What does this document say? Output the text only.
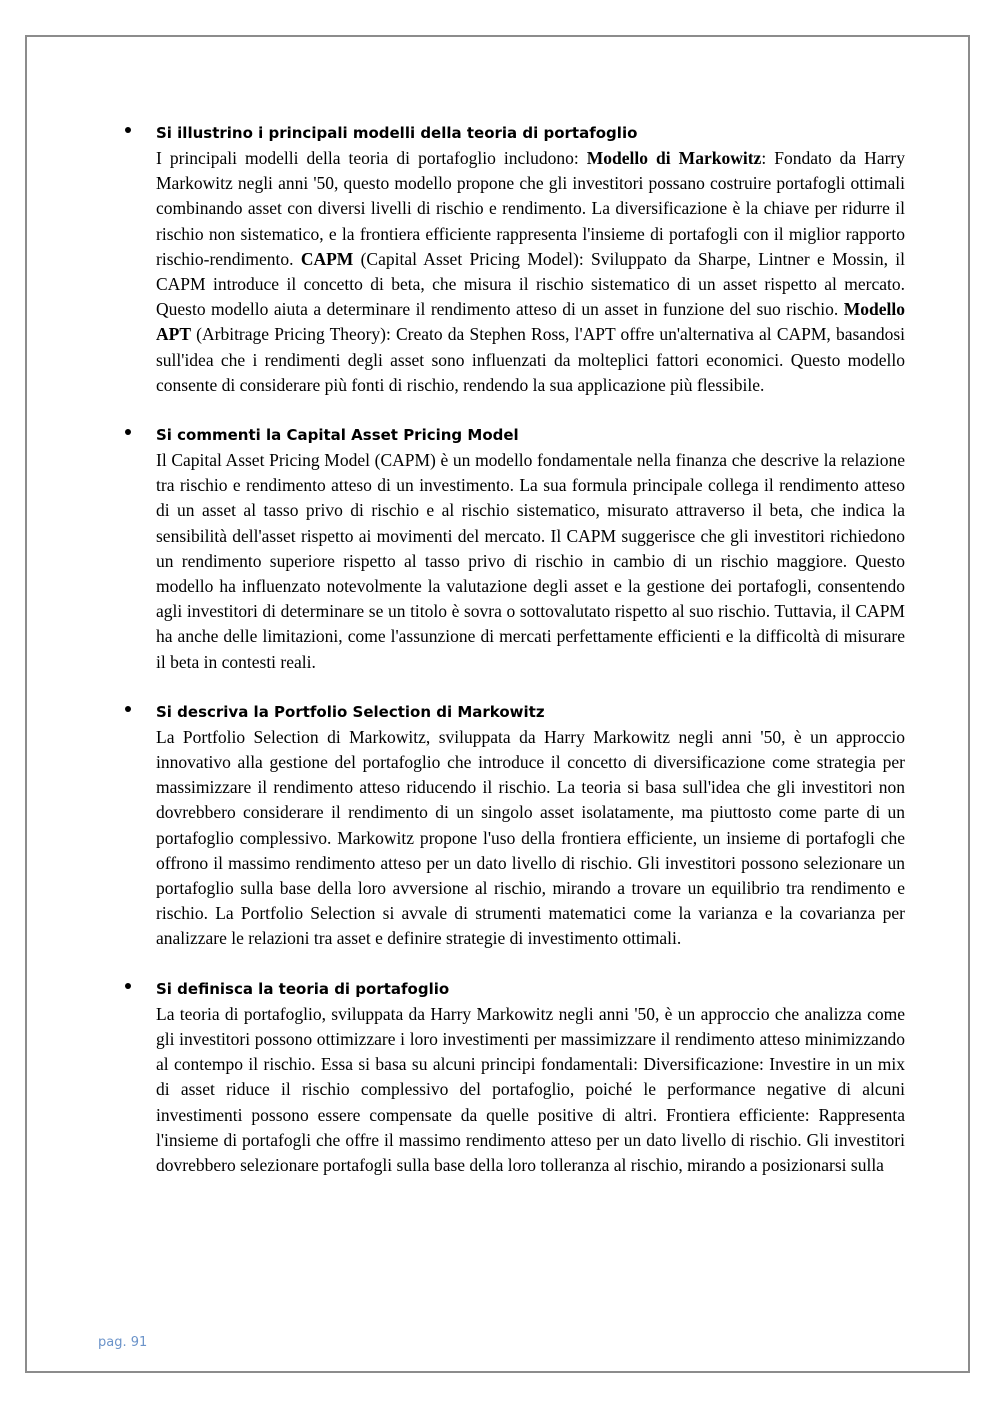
Si illustrino i principali modelli della teoria di portafoglio

I principali modelli della teoria di portafoglio includono: Modello di Markowitz: Fondato da Harry Markowitz negli anni '50, questo modello propone che gli investitori possano costruire portafogli ottimali combinando asset con diversi livelli di rischio e rendimento. La diversificazione è la chiave per ridurre il rischio non sistematico, e la frontiera efficiente rappresenta l'insieme di portafogli con il miglior rapporto rischio-rendimento. CAPM (Capital Asset Pricing Model): Sviluppato da Sharpe, Lintner e Mossin, il CAPM introduce il concetto di beta, che misura il rischio sistematico di un asset rispetto al mercato. Questo modello aiuta a determinare il rendimento atteso di un asset in funzione del suo rischio. Modello APT (Arbitrage Pricing Theory): Creato da Stephen Ross, l'APT offre un'alternativa al CAPM, basandosi sull'idea che i rendimenti degli asset sono influenzati da molteplici fattori economici. Questo modello consente di considerare più fonti di rischio, rendendo la sua applicazione più flessibile.

Si commenti la Capital Asset Pricing Model

Il Capital Asset Pricing Model (CAPM) è un modello fondamentale nella finanza che descrive la relazione tra rischio e rendimento atteso di un investimento. La sua formula principale collega il rendimento atteso di un asset al tasso privo di rischio e al rischio sistematico, misurato attraverso il beta, che indica la sensibilità dell'asset rispetto ai movimenti del mercato. Il CAPM suggerisce che gli investitori richiedono un rendimento superiore rispetto al tasso privo di rischio in cambio di un rischio maggiore. Questo modello ha influenzato notevolmente la valutazione degli asset e la gestione dei portafogli, consentendo agli investitori di determinare se un titolo è sovra o sottovalutato rispetto al suo rischio. Tuttavia, il CAPM ha anche delle limitazioni, come l'assunzione di mercati perfettamente efficienti e la difficoltà di misurare il beta in contesti reali.

Si descriva la Portfolio Selection di Markowitz

La Portfolio Selection di Markowitz, sviluppata da Harry Markowitz negli anni '50, è un approccio innovativo alla gestione del portafoglio che introduce il concetto di diversificazione come strategia per massimizzare il rendimento atteso riducendo il rischio. La teoria si basa sull'idea che gli investitori non dovrebbero considerare il rendimento di un singolo asset isolatamente, ma piuttosto come parte di un portafoglio complessivo. Markowitz propone l'uso della frontiera efficiente, un insieme di portafogli che offrono il massimo rendimento atteso per un dato livello di rischio. Gli investitori possono selezionare un portafoglio sulla base della loro avversione al rischio, mirando a trovare un equilibrio tra rendimento e rischio. La Portfolio Selection si avvale di strumenti matematici come la varianza e la covarianza per analizzare le relazioni tra asset e definire strategie di investimento ottimali.

Si definisca la teoria di portafoglio

La teoria di portafoglio, sviluppata da Harry Markowitz negli anni '50, è un approccio che analizza come gli investitori possono ottimizzare i loro investimenti per massimizzare il rendimento atteso minimizzando al contempo il rischio. Essa si basa su alcuni principi fondamentali: Diversificazione: Investire in un mix di asset riduce il rischio complessivo del portafoglio, poiché le performance negative di alcuni investimenti possono essere compensate da quelle positive di altri. Frontiera efficiente: Rappresenta l'insieme di portafogli che offre il massimo rendimento atteso per un dato livello di rischio. Gli investitori dovrebbero selezionare portafogli sulla base della loro tolleranza al rischio, mirando a posizionarsi sulla

pag. 91
